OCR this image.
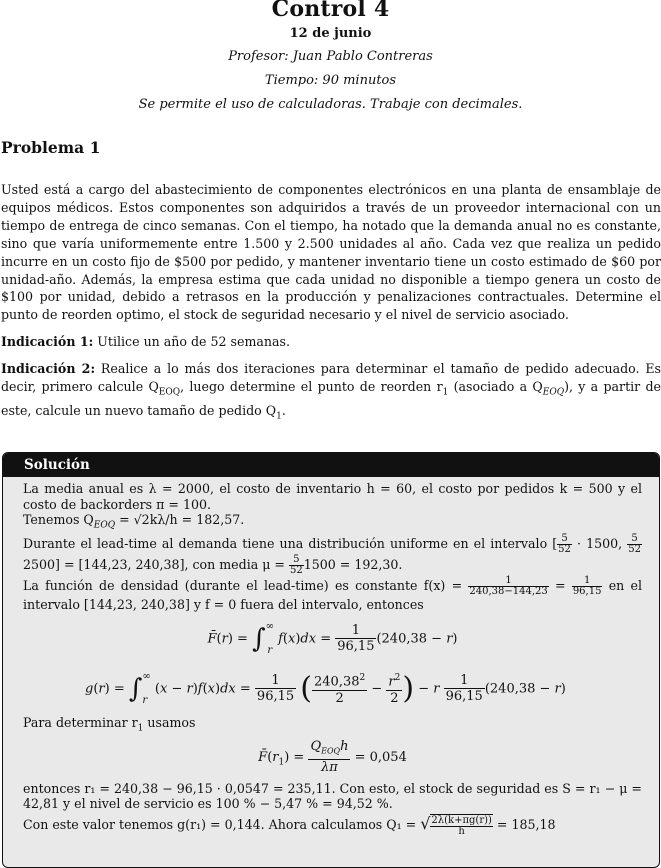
Control 4
12 de junio
Profesor: Juan Pablo Contreras
Tiempo: 90 minutos
Se permite el uso de calculadoras. Trabaje con decimales.
Problema 1

Usted está a cargo del abastecimiento de componentes electrónicos en una planta de ensamblaje de equipos médicos. Estos componentes son adquiridos a través de un proveedor internacional con un tiempo de entrega de cinco semanas. Con el tiempo, ha notado que la demanda anual no es constante, sino que varía uniformemente entre 1.500 y 2.500 unidades al año. Cada vez que realiza un pedido incurre en un costo fijo de $500 por pedido, y mantener inventario tiene un costo estimado de $60 por unidad-año. Además, la empresa estima que cada unidad no disponible a tiempo genera un costo de $100 por unidad, debido a retrasos en la producción y penalizaciones contractuales. Determine el punto de reorden optimo, el stock de seguridad necesario y el nivel de servicio asociado.

Indicación 1: Utilice un año de 52 semanas.

Indicación 2: Realice a lo más dos iteraciones para determinar el tamaño de pedido adecuado. Es decir, primero calcule $Q_{EOQ}$, luego determine el punto de reorden $r_1$ (asociado a $Q_{EOQ}$), y a partir de este, calcule un nuevo tamaño de pedido $Q_1$.

Solución
La media anual es λ = 2000, el costo de inventario h = 60, el costo por pedidos k = 500 y el costo de backorders π = 100.
Tenemos $Q_{EOQ} = √2k\lambda/h = 182,57$.
Durante el lead-time al demanda tiene una distribución uniforme en el intervalo [ $\frac{5}{52} \cdot 1500$, $\frac{5}{52}$
2500] = [144,23, 240,38], con media $\mu = \frac{5}{52} 1500 = 192,30$.
La función de densidad (durante el lead-time) es constante $f(x) = \frac{1}{240,38-144,23} = \frac{1}{96,15}$ en el intervalo [144,23, 240,38] y f = 0 fuera del intervalo, entonces
F̄(r) = ∫ ∞
r
$f(x)dx = \frac{1}{96,15} (240,38 - r)$
g(r) = ∫ ∞
r
$(x - r)f(x)dx = \frac{1}{96,15}$ ( $\frac{240,38^2}{2} - \frac{r^2}{2}$ ) − r $\frac{1}{96,15} (240,38 - r)$
Para determinar $r_1$ usamos
$F̄(r_1)$ =
$Q_{EOQ}h$
λπ
= 0,054
entonces r₁ = 240,38 − 96,15 · 0,0547 = 235,11. Con esto, el stock de seguridad es S = r₁ − μ = 42,81 y el nivel de servicio es 100 % − 5,47 % = 94,52 %.
Con este valor tenemos g(r₁) = 0,144. Ahora calculamos Q₁ = √ $\frac{2\lambda(k+\pi g(r))}{h} = 185,18$
